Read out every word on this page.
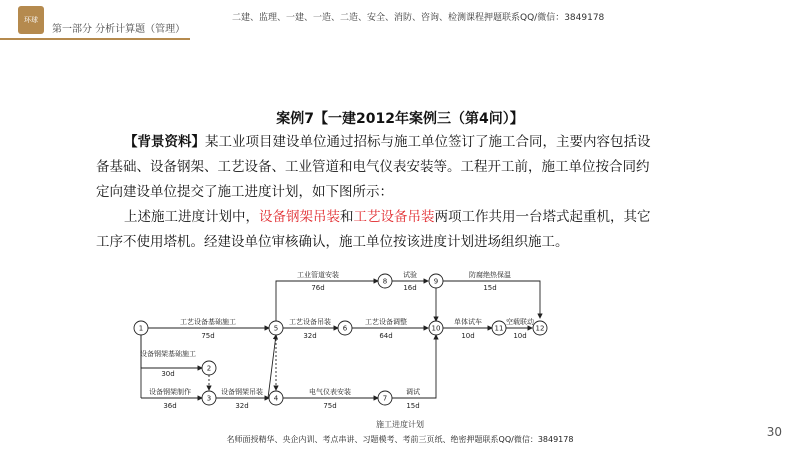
环球
第一部分 分析计算题（管理）
二建、监理、一建、一造、二造、安全、消防、咨询、检测课程押题联系QQ/微信：3849178
案例7【一建2012年案例三（第4问）】
【背景资料】某工业项目建设单位通过招标与施工单位签订了施工合同，主要内容包括设备基础、设备钢架、工艺设备、工业管道和电气仪表安装等。工程开工前，施工单位按合同约定向建设单位提交了施工进度计划，如下图所示：
上述施工进度计划中，设备钢架吊装和工艺设备吊装两项工作共用一台塔式起重机，其它工序不使用塔机。经建设单位审核确认，施工单位按该进度计划进场组织施工。
1
2
3	4
5	6
7
8	9
10	11	12
工艺设备基础施工
75d
工业管道安装
76d
试验
16d
防腐绝热保温
15d
工艺设备吊装
32d
工艺设备调整
64d
单体试车
10d
空载联动
10d
设备钢架基础施工
30d
设备钢架制作
36d
设备钢架吊装
32d
电气仪表安装
75d
调试
15d
施工进度计划
名师面授精华、央企内训、考点串讲、习题模考、考前三页纸、绝密押题联系QQ/微信：3849178
30
